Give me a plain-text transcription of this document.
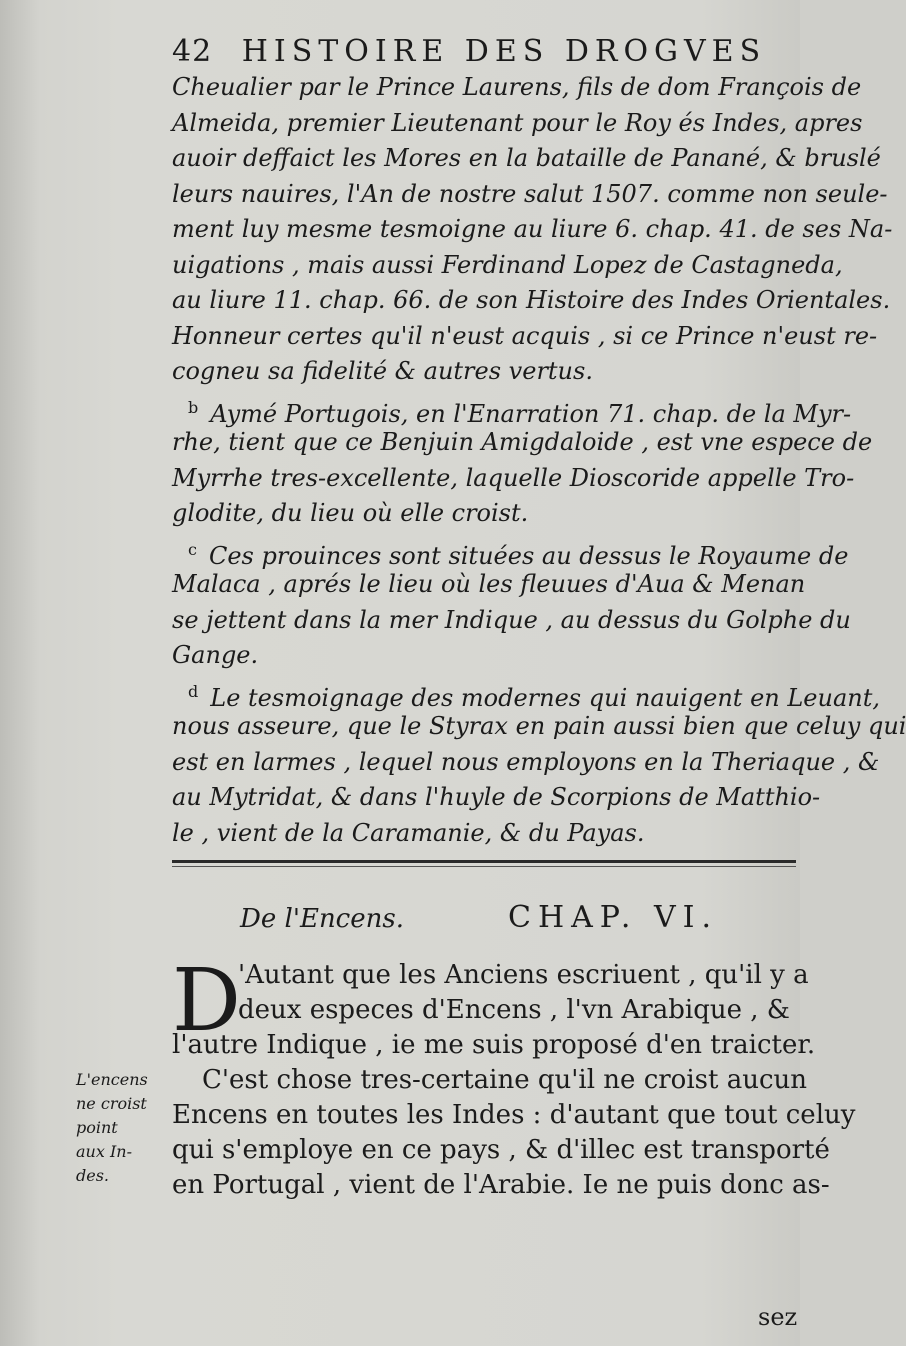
42 HISTOIRE DES DROGVES
Cheualier par le Prince Laurens, fils de dom François de
Almeida, premier Lieutenant pour le Roy és Indes, apres
auoir deffaict les Mores en la bataille de Panané, & bruslé
leurs nauires, l'An de nostre salut 1507. comme non seule-
ment luy mesme tesmoigne au liure 6. chap. 41. de ses Na-
uigations , mais aussi Ferdinand Lopez de Castagneda,
au liure 11. chap. 66. de son Histoire des Indes Orientales.
Honneur certes qu'il n'eust acquis , si ce Prince n'eust re-
cogneu sa fidelité & autres vertus.
$^b$ Aymé Portugois, en l'Enarration 71. chap. de la Myr-
rhe, tient que ce Benjuin Amigdaloide , est vne espece de
Myrrhe tres-excellente, laquelle Dioscoride appelle Tro-
glodite, du lieu où elle croist.
$^c$ Ces prouinces sont situées au dessus le Royaume de
Malaca , aprés le lieu où les fleuues d'Aua & Menan
se jettent dans la mer Indique , au dessus du Golphe du
Gange.
$^d$ Le tesmoignage des modernes qui nauigent en Leuant,
nous asseure, que le Styrax en pain aussi bien que celuy qui
est en larmes , lequel nous employons en la Theriaque , &
au Mytridat, & dans l'huyle de Scorpions de Matthio-
le , vient de la Caramanie, & du Payas.
De l'Encens.	CHAP. VI.
D
'Autant que les Anciens escriuent , qu'il y a
deux especes d'Encens , l'vn Arabique , &
l'autre Indique , ie me suis proposé d'en traicter.
C'est chose tres-certaine qu'il ne croist aucun
Encens en toutes les Indes : d'autant que tout celuy
qui s'employe en ce pays , & d'illec est transporté
en Portugal , vient de l'Arabie. Ie ne puis donc as-
L'encens
ne croist
point
aux In-
des.
sez
